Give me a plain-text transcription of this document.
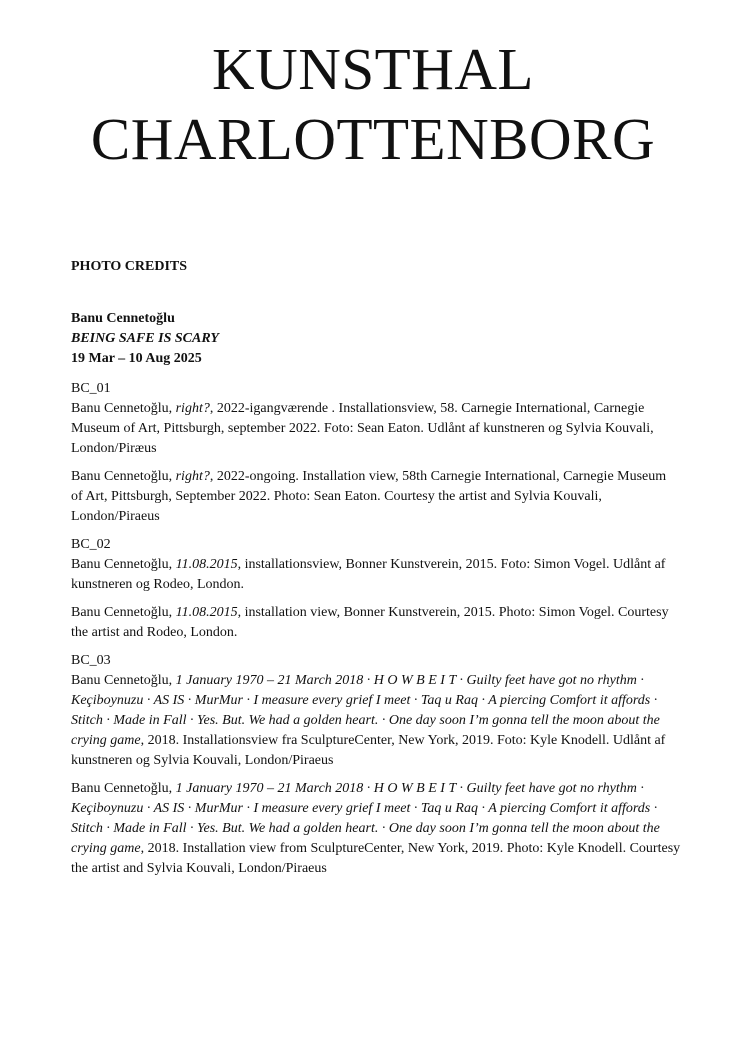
KUNSTHAL
CHARLOTTENBORG
PHOTO CREDITS
Banu Cennetoğlu
BEING SAFE IS SCARY
19 Mar – 10 Aug 2025
BC_01

Banu Cennetoğlu, right?, 2022-igangværende . Installationsview, 58. Carnegie International, Carnegie Museum of Art, Pittsburgh, september 2022. Foto: Sean Eaton. Udlånt af kunstneren og Sylvia Kouvali, London/Piræus

Banu Cennetoğlu, right?, 2022-ongoing. Installation view, 58th Carnegie International, Carnegie Museum of Art, Pittsburgh, September 2022. Photo: Sean Eaton. Courtesy the artist and Sylvia Kouvali, London/Piraeus

BC_02

Banu Cennetoğlu, 11.08.2015, installationsview, Bonner Kunstverein, 2015. Foto: Simon Vogel. Udlånt af kunstneren og Rodeo, London.

Banu Cennetoğlu, 11.08.2015, installation view, Bonner Kunstverein, 2015. Photo: Simon Vogel. Courtesy the artist and Rodeo, London.

BC_03

Banu Cennetoğlu, 1 January 1970 – 21 March 2018 · H O W B E I T · Guilty feet have got no rhythm · Keçiboynuzu · AS IS · MurMur · I measure every grief I meet · Taq u Raq · A piercing Comfort it affords · Stitch · Made in Fall · Yes. But. We had a golden heart. · One day soon I’m gonna tell the moon about the crying game, 2018. Installationsview fra SculptureCenter, New York, 2019. Foto: Kyle Knodell. Udlånt af kunstneren og Sylvia Kouvali, London/Piraeus

Banu Cennetoğlu, 1 January 1970 – 21 March 2018 · H O W B E I T · Guilty feet have got no rhythm · Keçiboynuzu · AS IS · MurMur · I measure every grief I meet · Taq u Raq · A piercing Comfort it affords · Stitch · Made in Fall · Yes. But. We had a golden heart. · One day soon I’m gonna tell the moon about the crying game, 2018. Installation view from SculptureCenter, New York, 2019. Photo: Kyle Knodell. Courtesy the artist and Sylvia Kouvali, London/Piraeus
